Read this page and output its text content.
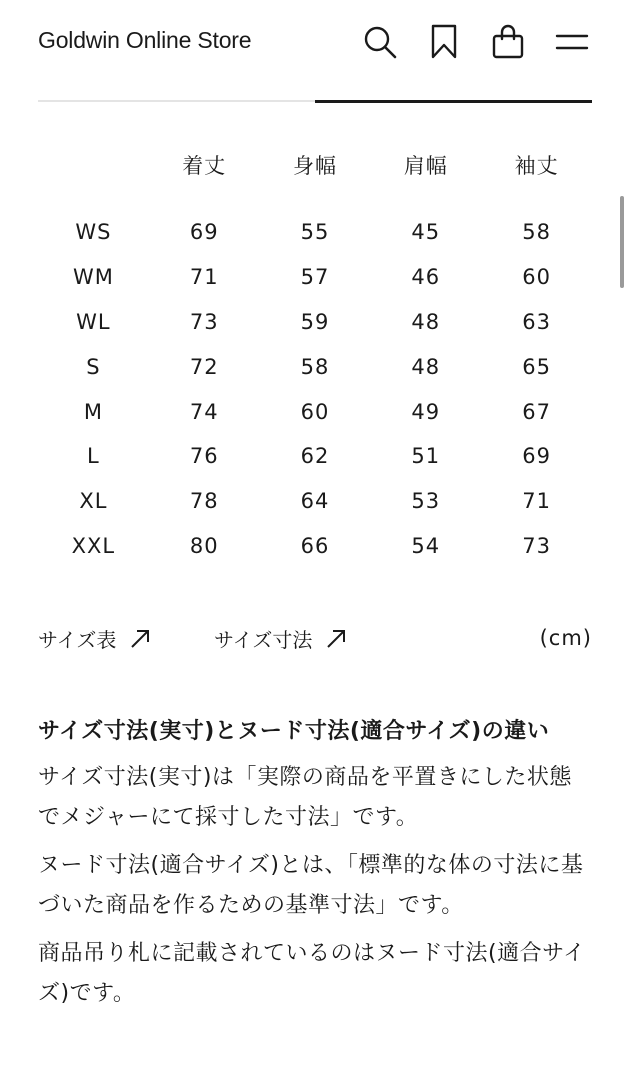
Goldwin Online Store
	着丈	身幅	肩幅	袖丈

WS	69	55	45	58
WM	71	57	46	60
WL	73	59	48	63
S	72	58	48	65
M	74	60	49	67
L	76	62	51	69
XL	78	64	53	71
XXL	80	66	54	73
サイズ表	サイズ寸法	(cm)
サイズ寸法(実寸)とヌード寸法(適合サイズ)の違い

サイズ寸法(実寸)は「実際の商品を平置きにした状態でメジャーにて採寸した寸法」です。

ヌード寸法(適合サイズ)とは、「標準的な体の寸法に基づいた商品を作るための基準寸法」です。

商品吊り札に記載されているのはヌード寸法(適合サイズ)です。
